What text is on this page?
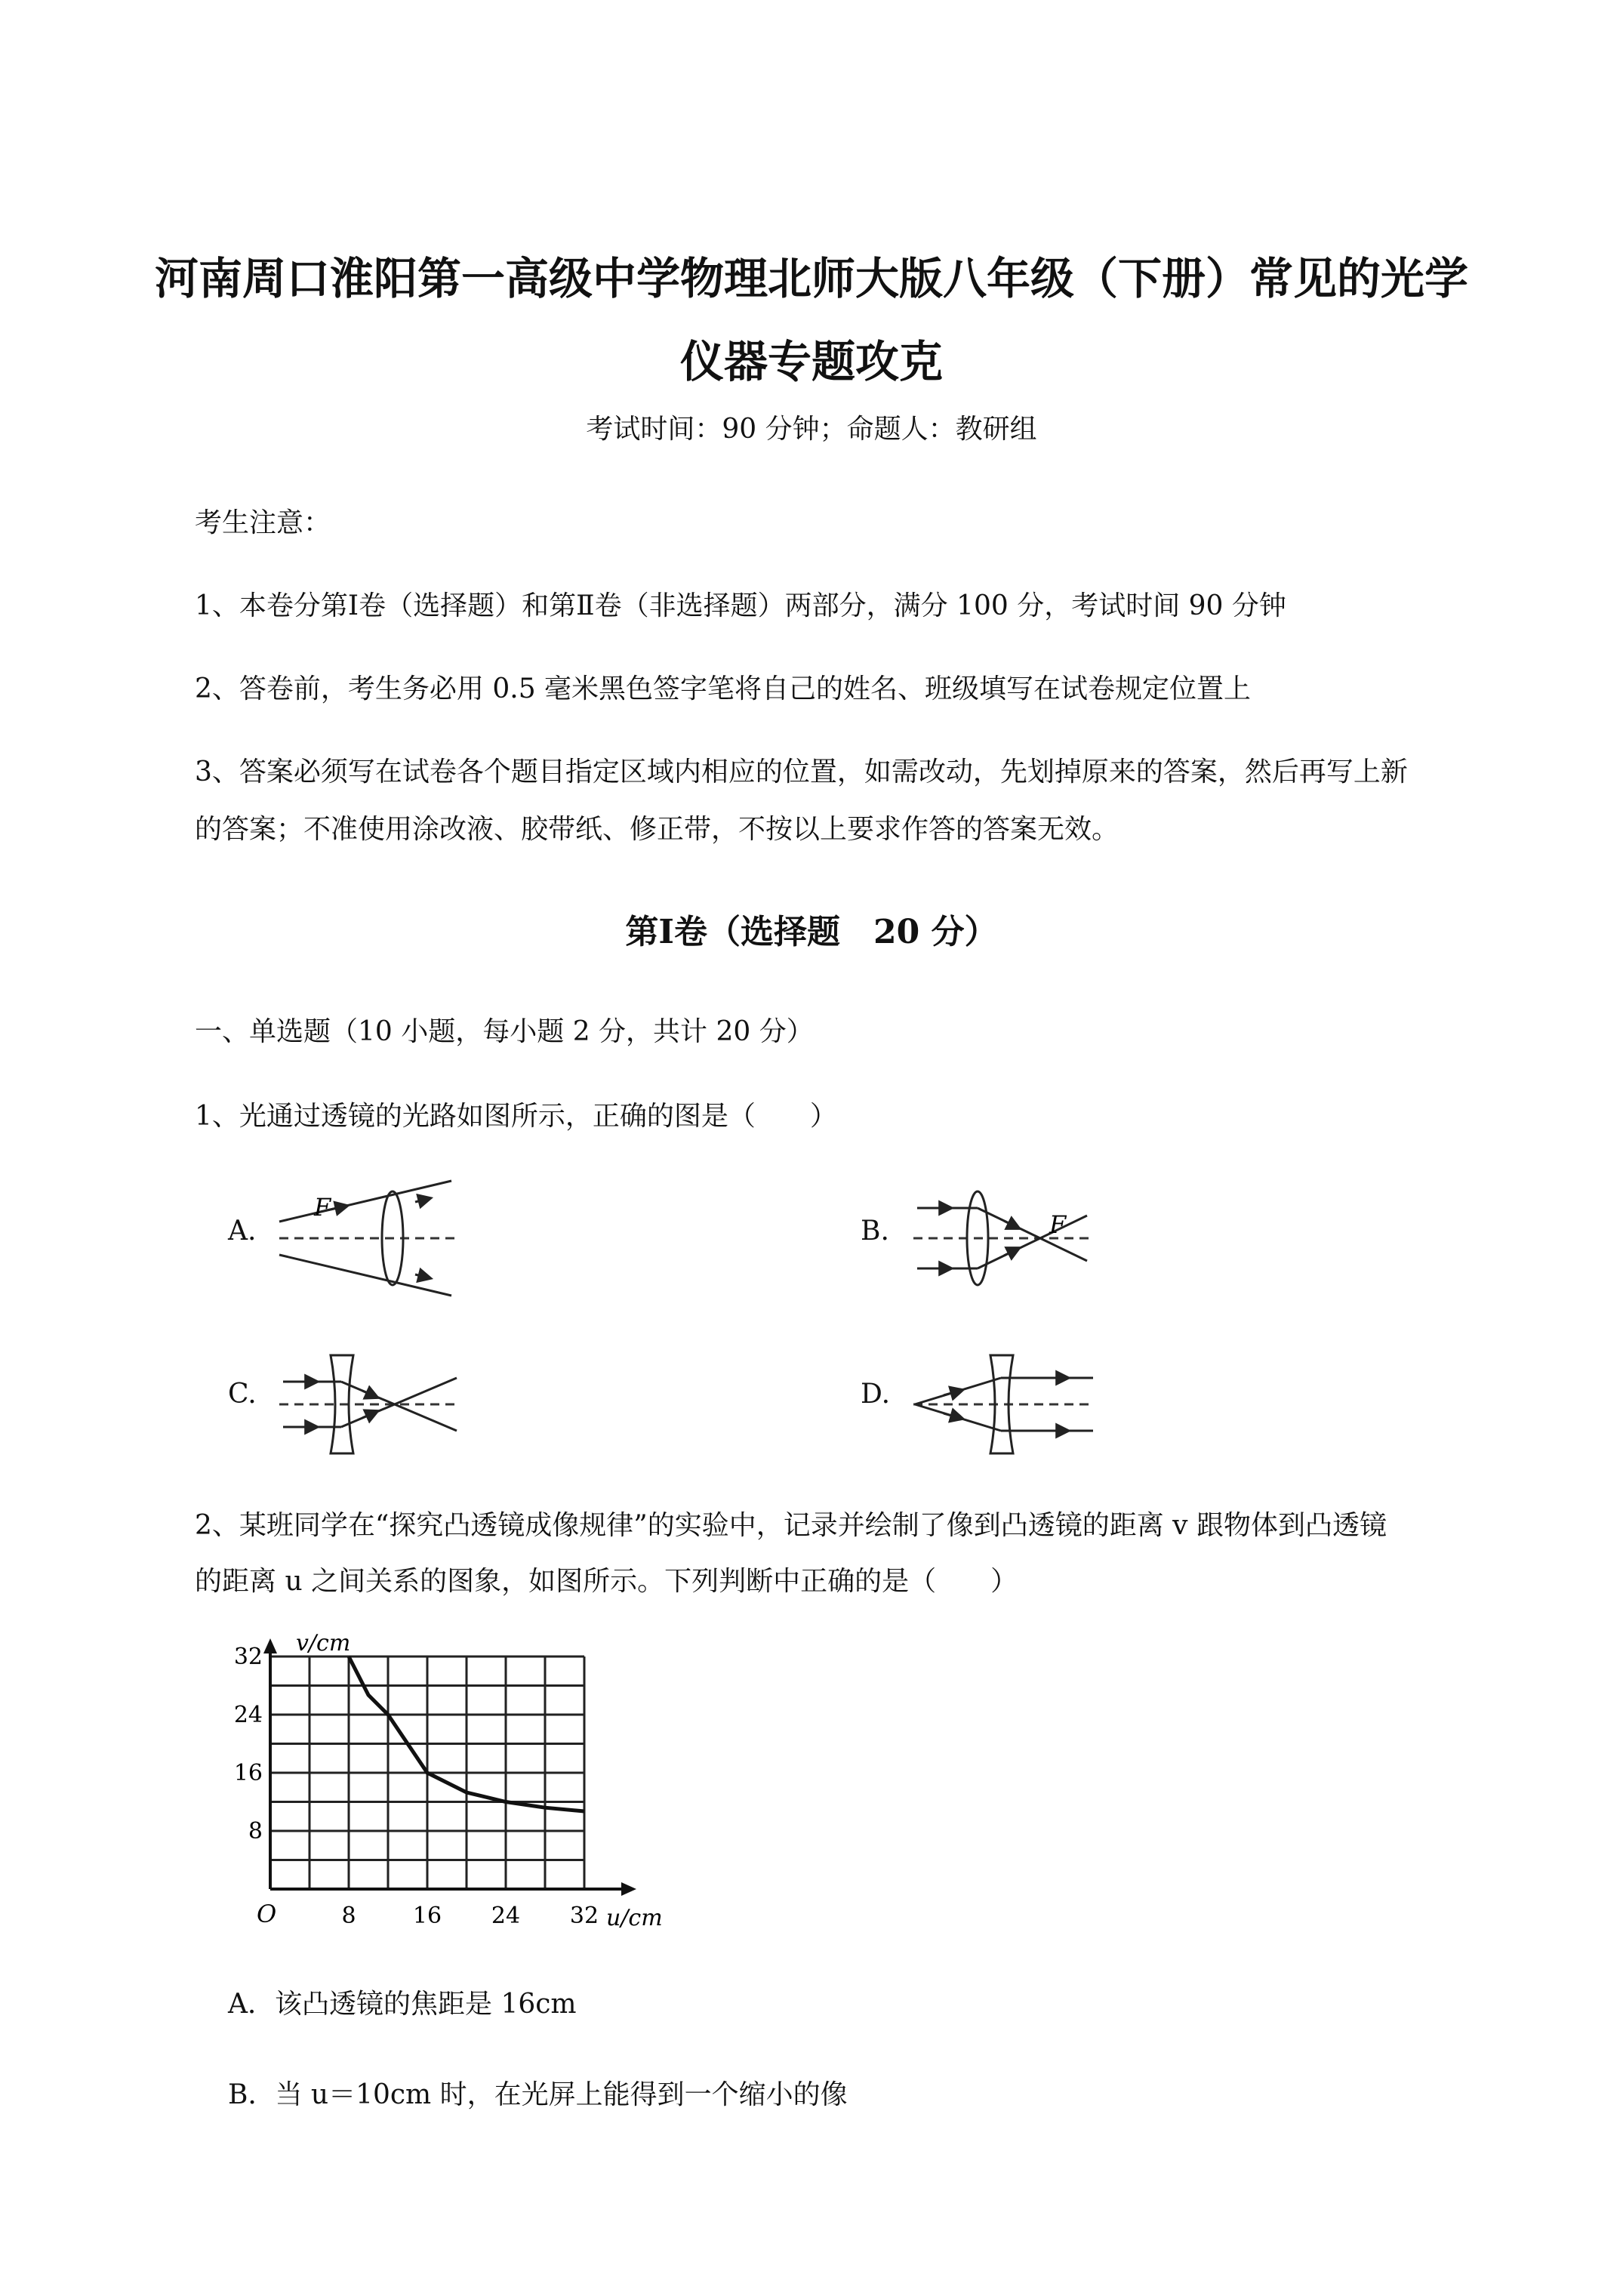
河南周口淮阳第一高级中学物理北师大版八年级（下册）常见的光学
仪器专题攻克
考试时间：90 分钟；命题人：教研组
考生注意：
1、本卷分第Ⅰ卷（选择题）和第Ⅱ卷（非选择题）两部分，满分 100 分，考试时间 90 分钟
2、答卷前，考生务必用 0.5 毫米黑色签字笔将自己的姓名、班级填写在试卷规定位置上
3、答案必须写在试卷各个题目指定区域内相应的位置，如需改动，先划掉原来的答案，然后再写上新
的答案；不准使用涂改液、胶带纸、修正带，不按以上要求作答的答案无效。
第Ⅰ卷（选择题　20 分）
一、单选题（10 小题，每小题 2 分，共计 20 分）
1、光通过透镜的光路如图所示，正确的图是（　　）
A.	B.
C.	D.
F
F
2、某班同学在“探究凸透镜成像规律”的实验中，记录并绘制了像到凸透镜的距离 v 跟物体到凸透镜
的距离 u 之间关系的图象，如图所示。下列判断中正确的是（　　）
8	16 24 32
8
16
24
32
v/cm
u/cm
O
A．该凸透镜的焦距是 16cm
B．当 u＝10cm 时，在光屏上能得到一个缩小的像
